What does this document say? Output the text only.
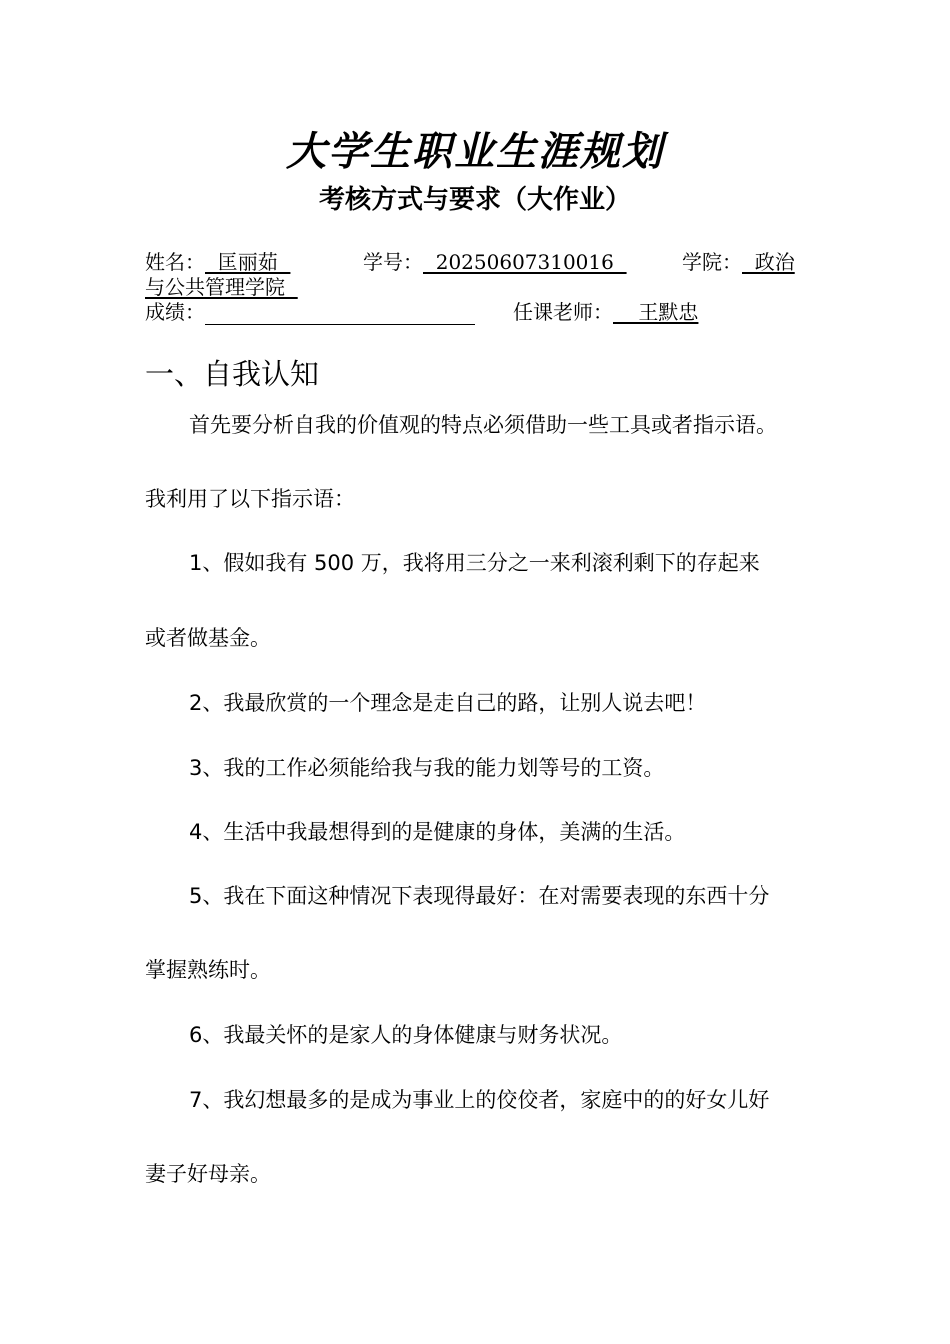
大学生职业生涯规划
考核方式与要求（大作业）
姓名：  匡丽茹	学号：  20250607310016	学院：  政治
与公共管理学院
成绩：	任课老师：    王默忠
一、自我认知
首先要分析自我的价值观的特点必须借助一些工具或者指示语。
我利用了以下指示语：
1、假如我有 500 万，我将用三分之一来利滚利剩下的存起来
或者做基金。
2、我最欣赏的一个理念是走自己的路，让别人说去吧！
3、我的工作必须能给我与我的能力划等号的工资。
4、生活中我最想得到的是健康的身体，美满的生活。
5、我在下面这种情况下表现得最好：在对需要表现的东西十分
掌握熟练时。
6、我最关怀的是家人的身体健康与财务状况。
7、我幻想最多的是成为事业上的佼佼者，家庭中的的好女儿好
妻子好母亲。
